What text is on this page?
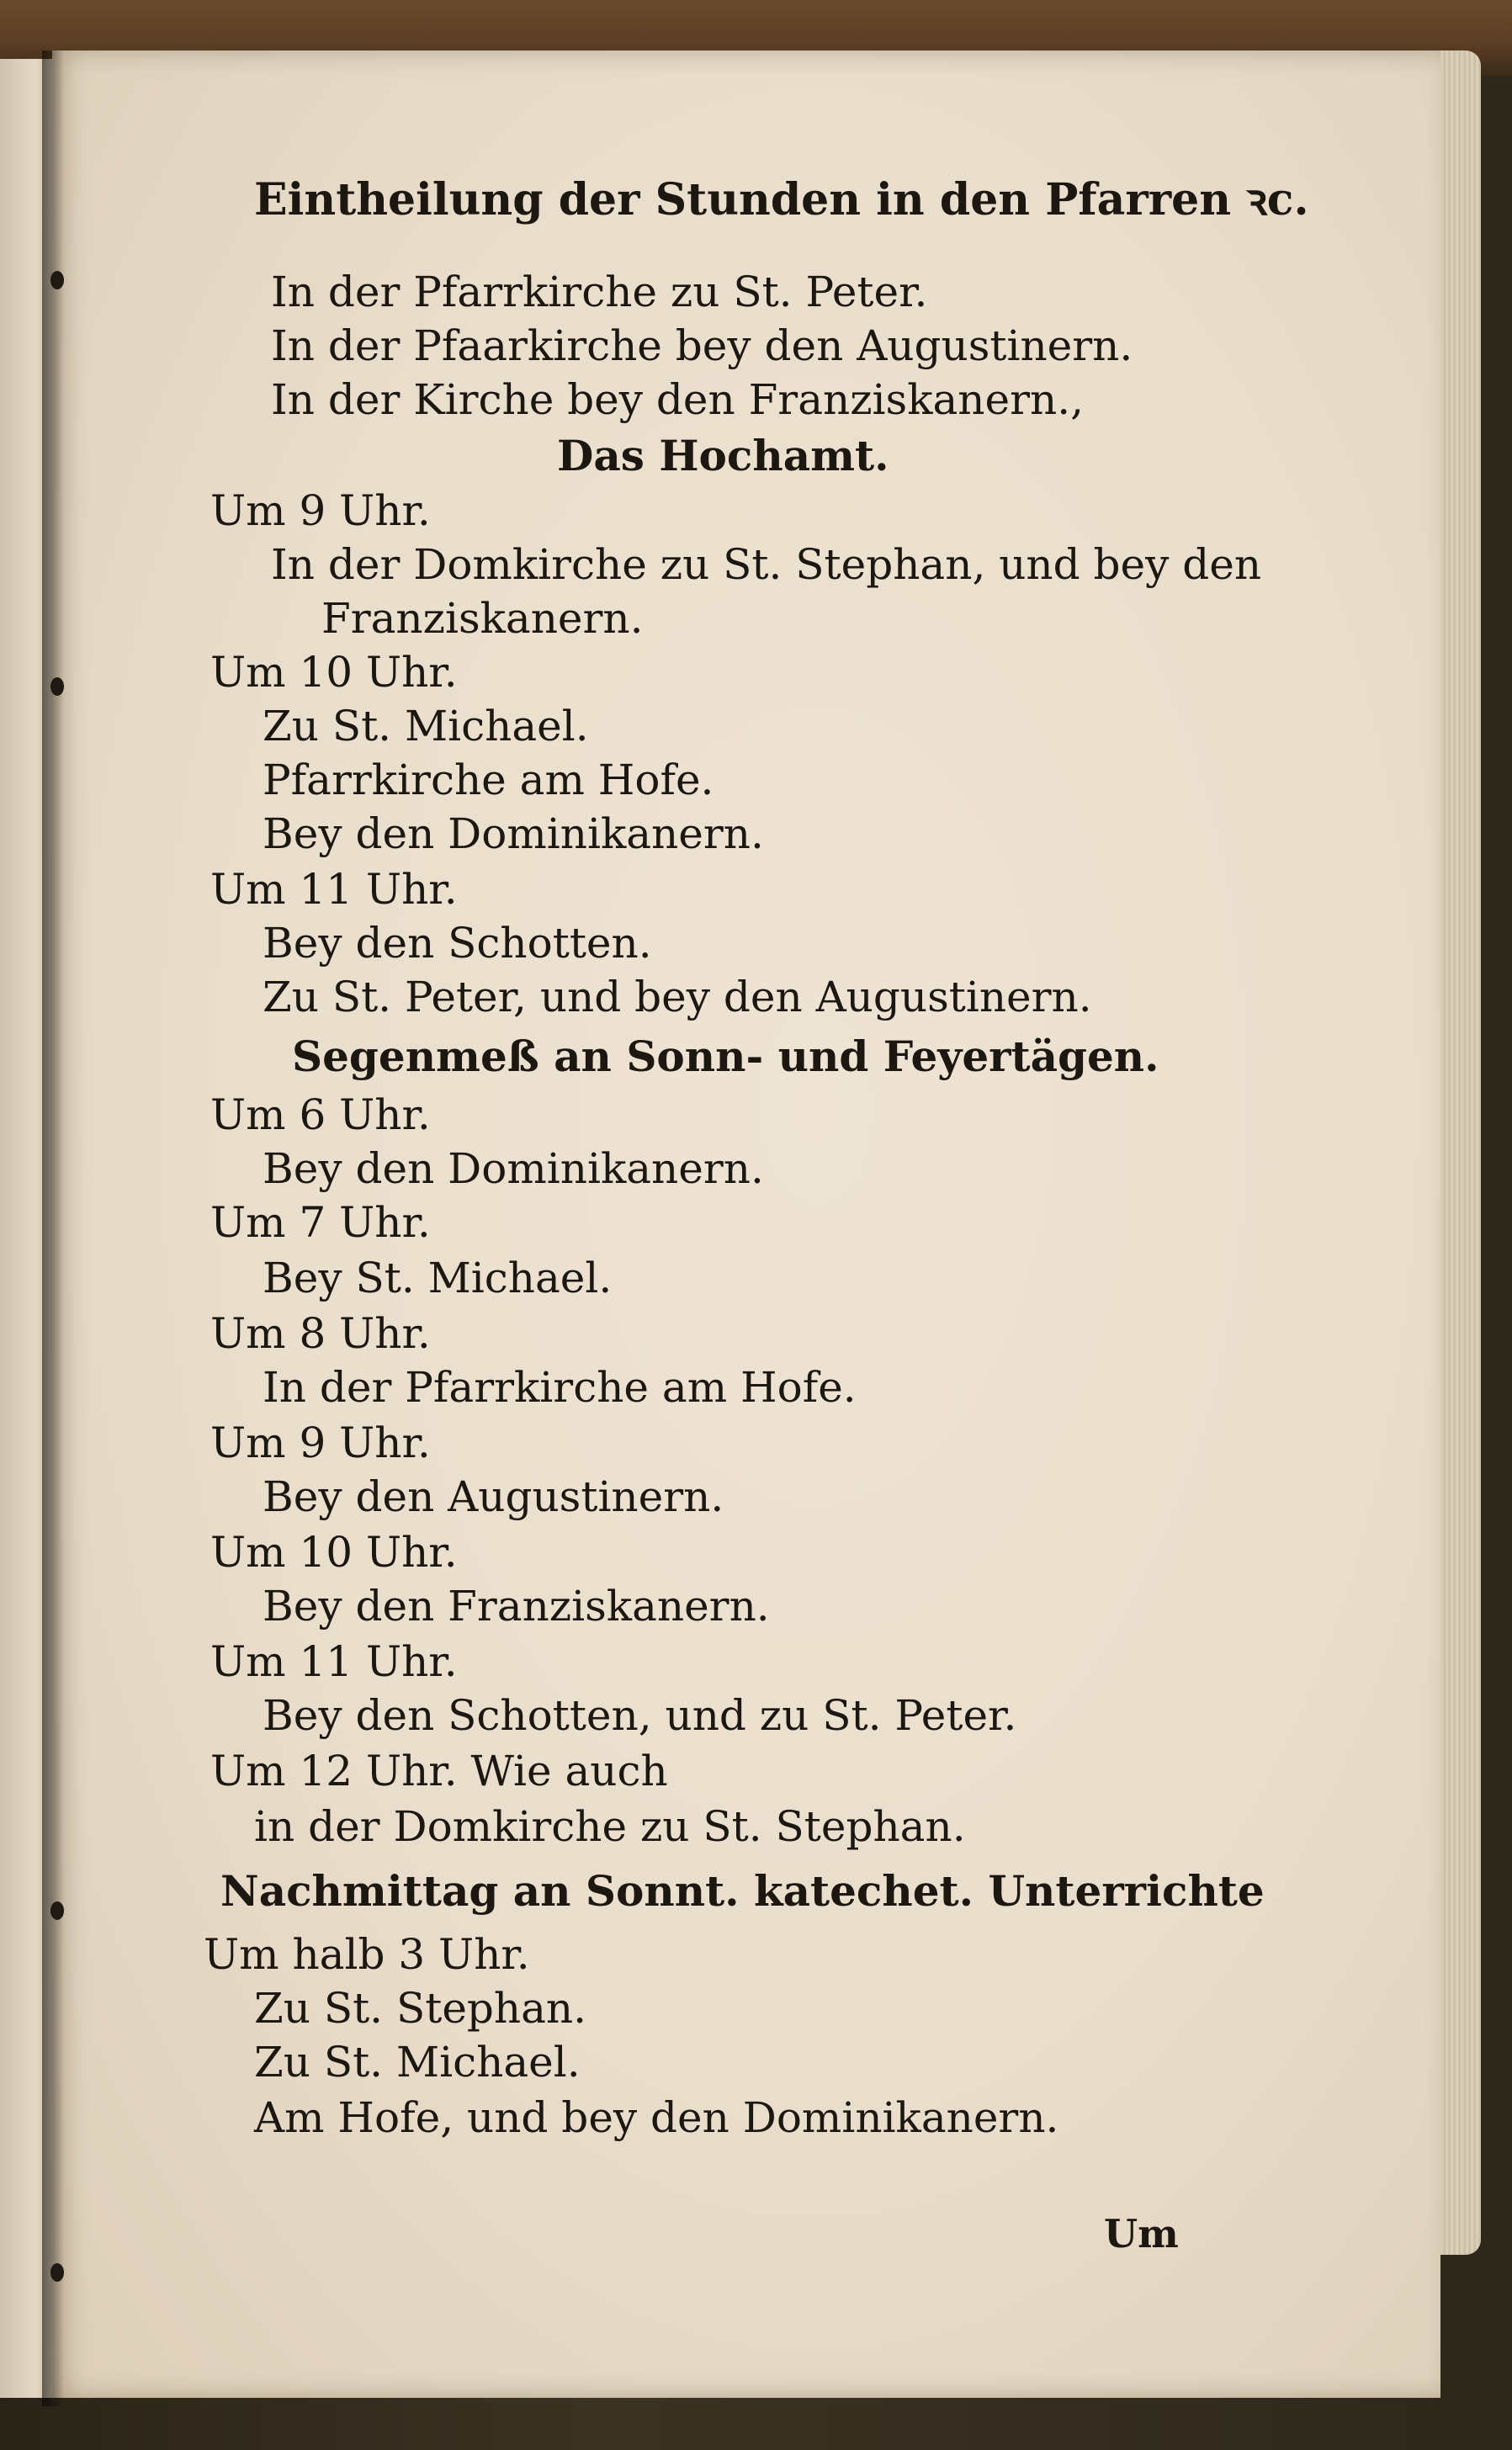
Eintheilung der Stunden in den Pfarren ꝛc.
In der Pfarrkirche zu St. Peter.
In der Pfaarkirche bey den Augustinern.
In der Kirche bey den Franziskanern.,
Das Hochamt.
Um 9 Uhr.
In der Domkirche zu St. Stephan, und bey den
Franziskanern.
Um 10 Uhr.
Zu St. Michael.
Pfarrkirche am Hofe.
Bey den Dominikanern.
Um 11 Uhr.
Bey den Schotten.
Zu St. Peter, und bey den Augustinern.
Segenmeß an Sonn- und Feyertägen.
Um 6 Uhr.
Bey den Dominikanern.
Um 7 Uhr.
Bey St. Michael.
Um 8 Uhr.
In der Pfarrkirche am Hofe.
Um 9 Uhr.
Bey den Augustinern.
Um 10 Uhr.
Bey den Franziskanern.
Um 11 Uhr.
Bey den Schotten, und zu St. Peter.
Um 12 Uhr. Wie auch
in der Domkirche zu St. Stephan.
Nachmittag an Sonnt. katechet. Unterrichte
Um halb 3 Uhr.
Zu St. Stephan.
Zu St. Michael.
Am Hofe, und bey den Dominikanern.
Um
